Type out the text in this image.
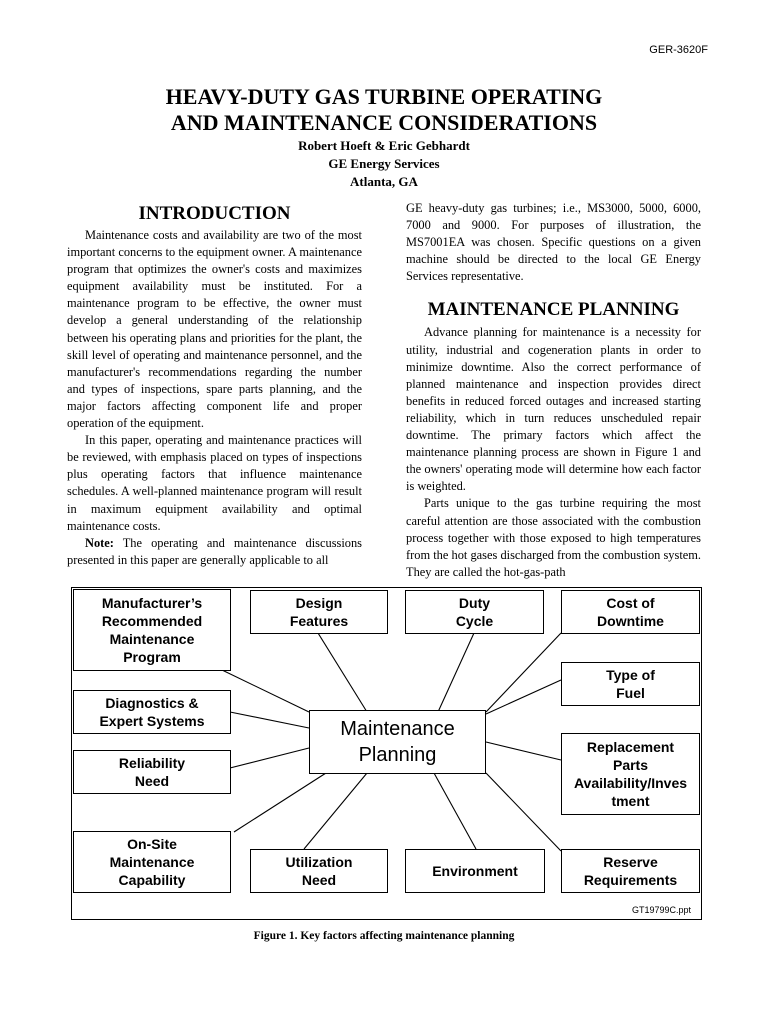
GER-3620F
HEAVY-DUTY GAS TURBINE OPERATING
AND MAINTENANCE CONSIDERATIONS
Robert Hoeft & Eric Gebhardt
GE Energy Services
Atlanta, GA
INTRODUCTION

Maintenance costs and availability are two of the most important concerns to the equipment owner. A maintenance program that optimizes the owner's costs and maximizes equipment availability must be instituted. For a maintenance program to be effective, the owner must develop a general understanding of the relationship between his operating plans and priorities for the plant, the skill level of operating and maintenance personnel, and the manufacturer's recommendations regarding the number and types of inspections, spare parts planning, and the major factors affecting component life and proper operation of the equipment.

In this paper, operating and maintenance practices will be reviewed, with emphasis placed on types of inspections plus operating factors that influence maintenance schedules. A well-planned maintenance program will result in maximum equipment availability and optimal maintenance costs.

Note: The operating and maintenance discussions presented in this paper are generally applicable to all

GE heavy-duty gas turbines; i.e., MS3000, 5000, 6000, 7000 and 9000. For purposes of illustration, the MS7001EA was chosen. Specific questions on a given machine should be directed to the local GE Energy Services representative.

MAINTENANCE PLANNING

Advance planning for maintenance is a necessity for utility, industrial and cogeneration plants in order to minimize downtime. Also the correct performance of planned maintenance and inspection provides direct benefits in reduced forced outages and increased starting reliability, which in turn reduces unscheduled repair downtime. The primary factors which affect the maintenance planning process are shown in Figure 1 and the owners' operating mode will determine how each factor is weighted.

Parts unique to the gas turbine requiring the most careful attention are those associated with the combustion process together with those exposed to high temperatures from the hot gases discharged from the combustion system. They are called the hot-gas-path

Manufacturer’s
Recommended
Maintenance
Program
Design
Features
Duty
Cycle
Cost of
Downtime
Type of
Fuel
Diagnostics &
Expert Systems	Maintenance
Planning
Reliability
Need
Replacement
Parts
Availability/Inves
tment
On-Site
Maintenance
Capability
Utilization
Need
Environment
Reserve
Requirements
GT19799C.ppt
Figure 1. Key factors affecting maintenance planning
